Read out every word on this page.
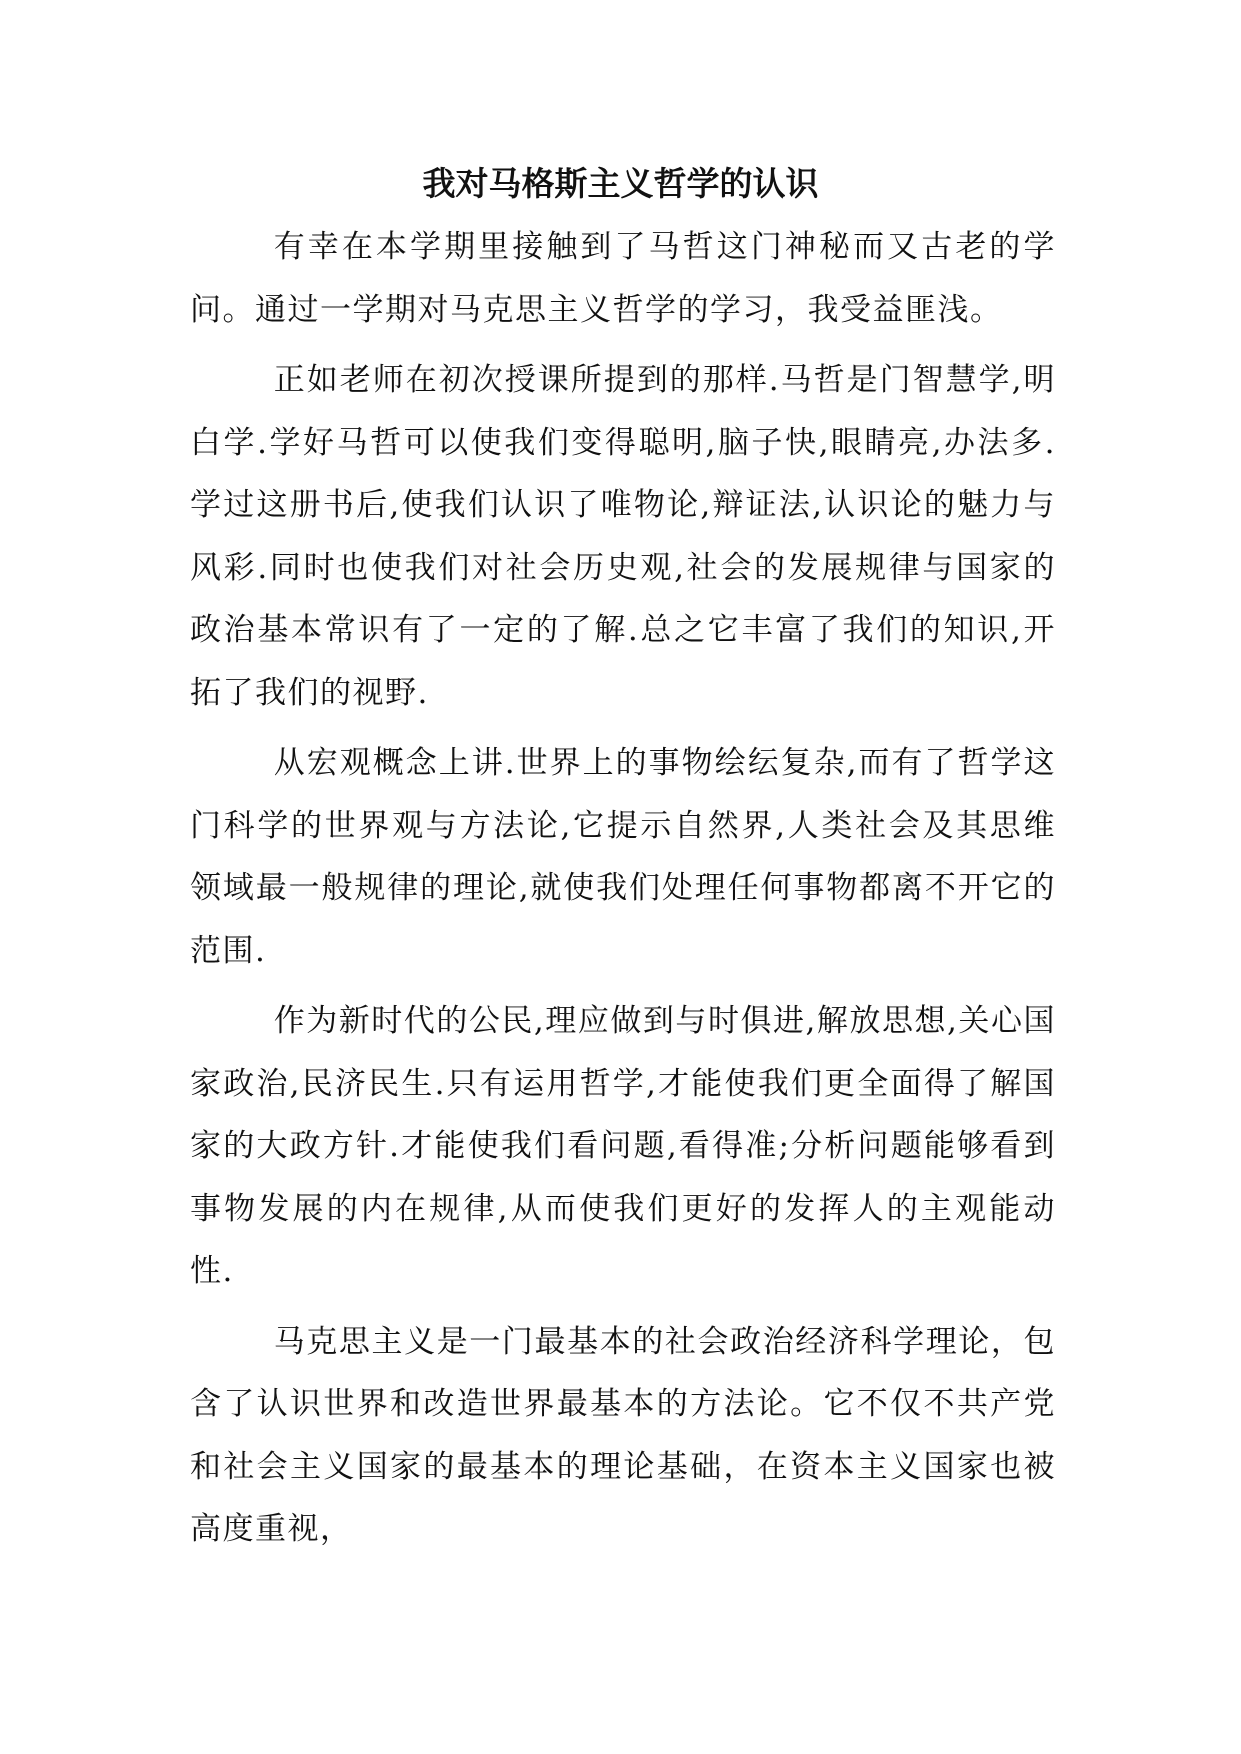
我对马格斯主义哲学的认识

有幸在本学期里接触到了马哲这门神秘而又古老的学问。通过一学期对马克思主义哲学的学习，我受益匪浅。

正如老师在初次授课所提到的那样.马哲是门智慧学,明白学.学好马哲可以使我们变得聪明,脑子快,眼睛亮,办法多.学过这册书后,使我们认识了唯物论,辩证法,认识论的魅力与风彩.同时也使我们对社会历史观,社会的发展规律与国家的政治基本常识有了一定的了解.总之它丰富了我们的知识,开拓了我们的视野.

从宏观概念上讲.世界上的事物绘纭复杂,而有了哲学这门科学的世界观与方法论,它提示自然界,人类社会及其思维领域最一般规律的理论,就使我们处理任何事物都离不开它的范围.

作为新时代的公民,理应做到与时俱进,解放思想,关心国家政治,民济民生.只有运用哲学,才能使我们更全面得了解国家的大政方针.才能使我们看问题,看得准;分析问题能够看到事物发展的内在规律,从而使我们更好的发挥人的主观能动性.

马克思主义是一门最基本的社会政治经济科学理论，包含了认识世界和改造世界最基本的方法论。它不仅不共产党和社会主义国家的最基本的理论基础，在资本主义国家也被高度重视，
